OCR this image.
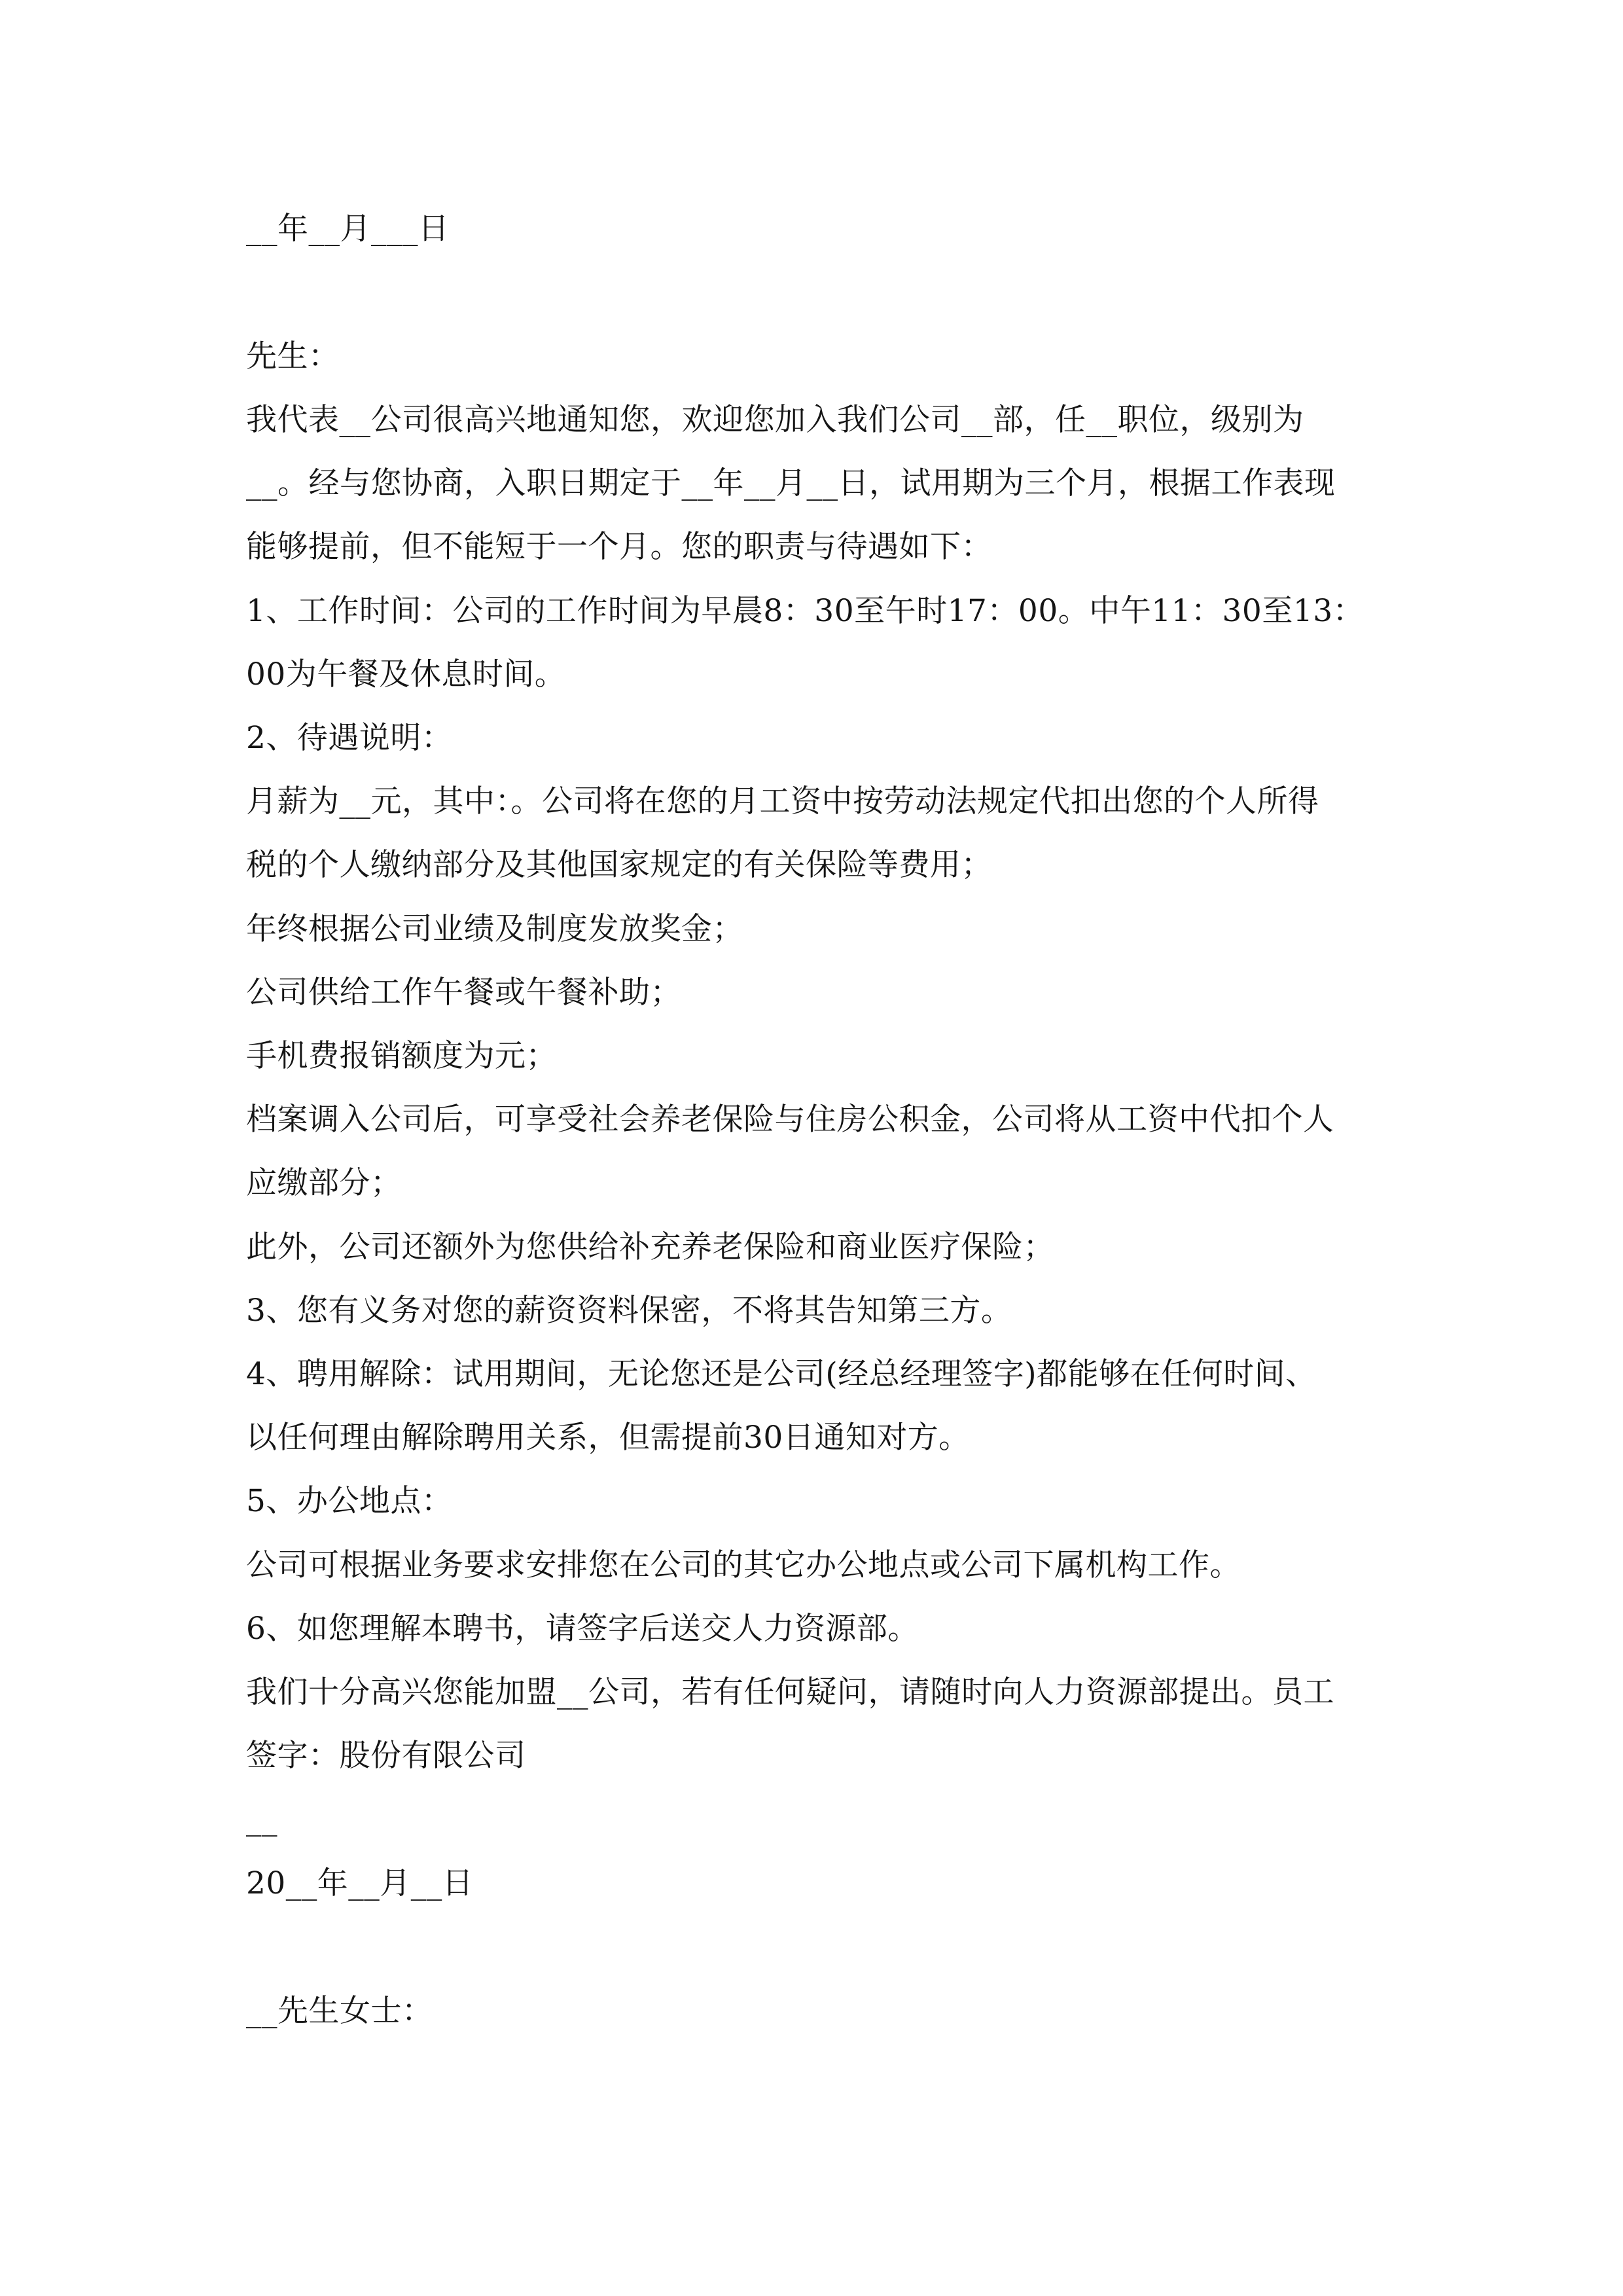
__年__月___日
先生：
我代表__公司很高兴地通知您，欢迎您加入我们公司__部，任__职位，级别为
__。经与您协商，入职日期定于__年__月__日，试用期为三个月，根据工作表现
能够提前，但不能短于一个月。您的职责与待遇如下：
1、工作时间：公司的工作时间为早晨8：30至午时17：00。中午11：30至13：
00为午餐及休息时间。
2、待遇说明：
月薪为__元，其中：。公司将在您的月工资中按劳动法规定代扣出您的个人所得
税的个人缴纳部分及其他国家规定的有关保险等费用；
年终根据公司业绩及制度发放奖金；
公司供给工作午餐或午餐补助；
手机费报销额度为元；
档案调入公司后，可享受社会养老保险与住房公积金，公司将从工资中代扣个人
应缴部分；
此外，公司还额外为您供给补充养老保险和商业医疗保险；
3、您有义务对您的薪资资料保密，不将其告知第三方。
4、聘用解除：试用期间，无论您还是公司(经总经理签字)都能够在任何时间、
以任何理由解除聘用关系，但需提前30日通知对方。
5、办公地点：
公司可根据业务要求安排您在公司的其它办公地点或公司下属机构工作。
6、如您理解本聘书，请签字后送交人力资源部。
我们十分高兴您能加盟__公司，若有任何疑问，请随时向人力资源部提出。员工
签字：股份有限公司
__
20__年__月__日
__先生女士：
